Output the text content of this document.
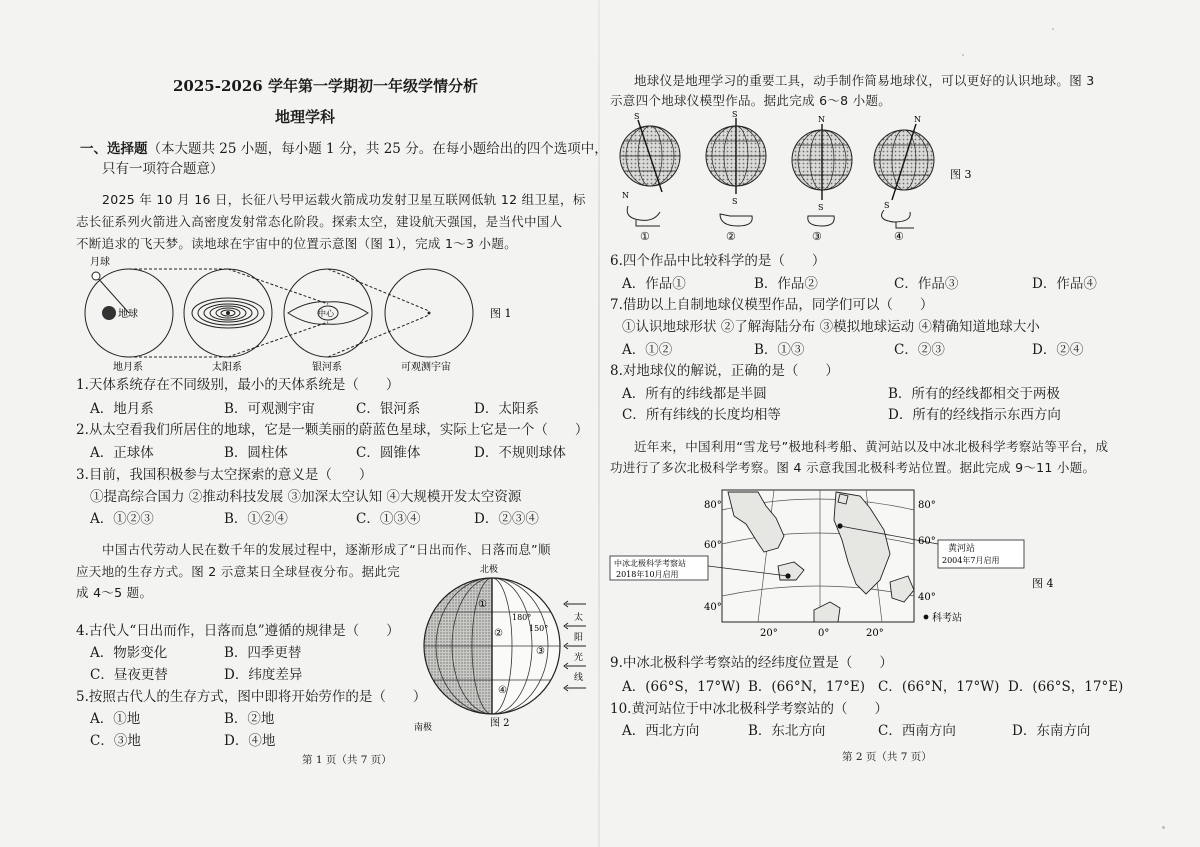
2025-2026 学年第一学期初一年级学情分析
地理学科
一、选择题（本大题共 25 小题，每小题 1 分，共 25 分。在每小题给出的四个选项中，
只有一项符合题意）
2025 年 10 月 16 日，长征八号甲运载火箭成功发射卫星互联网低轨 12 组卫星，标
志长征系列火箭进入高密度发射常态化阶段。探索太空，建设航天强国，是当代中国人
不断追求的飞天梦。读地球在宇宙中的位置示意图（图 1），完成 1～3 小题。
月球
地球	中心
地月系	太阳系	银河系	可观测宇宙
图 1
1.天体系统存在不同级别，最小的天体系统是（　　）
A．地月系	B．可观测宇宙	C．银河系	D．太阳系
2.从太空看我们所居住的地球，它是一颗美丽的蔚蓝色星球，实际上它是一个（　　）
A．正球体	B．圆柱体	C．圆锥体	D．不规则球体
3.目前，我国积极参与太空探索的意义是（　　）
①提高综合国力 ②推动科技发展 ③加深太空认知 ④大规模开发太空资源
A．①②③	B．①②④	C．①③④	D．②③④
中国古代劳动人民在数千年的发展过程中，逐渐形成了“日出而作、日落而息”顺
应天地的生存方式。图 2 示意某日全球昼夜分布。据此完
成 4～5 题。
北极
南极
180°
150°
太
阳
光
线
①
②
③
④
图 2
4.古代人“日出而作，日落而息”遵循的规律是（　　）
A．物影变化	B．四季更替
C．昼夜更替	D．纬度差异
5.按照古代人的生存方式，图中即将开始劳作的是（　　）
A．①地	B．②地
C．③地	D．④地
第 1 页（共 7 页）
地球仪是地理学习的重要工具，动手制作简易地球仪，可以更好的认识地球。图 3
示意四个地球仪模型作品。据此完成 6～8 小题。
S
N
S
S
N
S
N
S
①	②	③	④
图 3
6.四个作品中比较科学的是（　　）
A．作品①	B．作品②	C．作品③	D．作品④
7.借助以上自制地球仪模型作品，同学们可以（　　）
①认识地球形状 ②了解海陆分布 ③模拟地球运动 ④精确知道地球大小
A．①②	B．①③	C．②③	D．②④
8.对地球仪的解说，正确的是（　　）
A．所有的纬线都是半圆	B．所有的经线都相交于两极
C．所有纬线的长度均相等	D．所有的经线指示东西方向
近年来，中国利用“雪龙号”极地科考船、黄河站以及中冰北极科学考察站等平台，成
功进行了多次北极科学考察。图 4 示意我国北极科考站位置。据此完成 9～11 小题。
80°
60°
40°
80°
60°
40°
20°	0°	20°
中冰北极科学考察站
2018年10月启用
黄河站
2004年7月启用
图 4
科考站
9.中冰北极科学考察站的经纬度位置是（　　）
A．(66°S，17°W) B．(66°N，17°E) C．(66°N，17°W) D．(66°S，17°E)
10.黄河站位于中冰北极科学考察站的（　　）
A．西北方向	B．东北方向	C．西南方向	D．东南方向
第 2 页（共 7 页）
